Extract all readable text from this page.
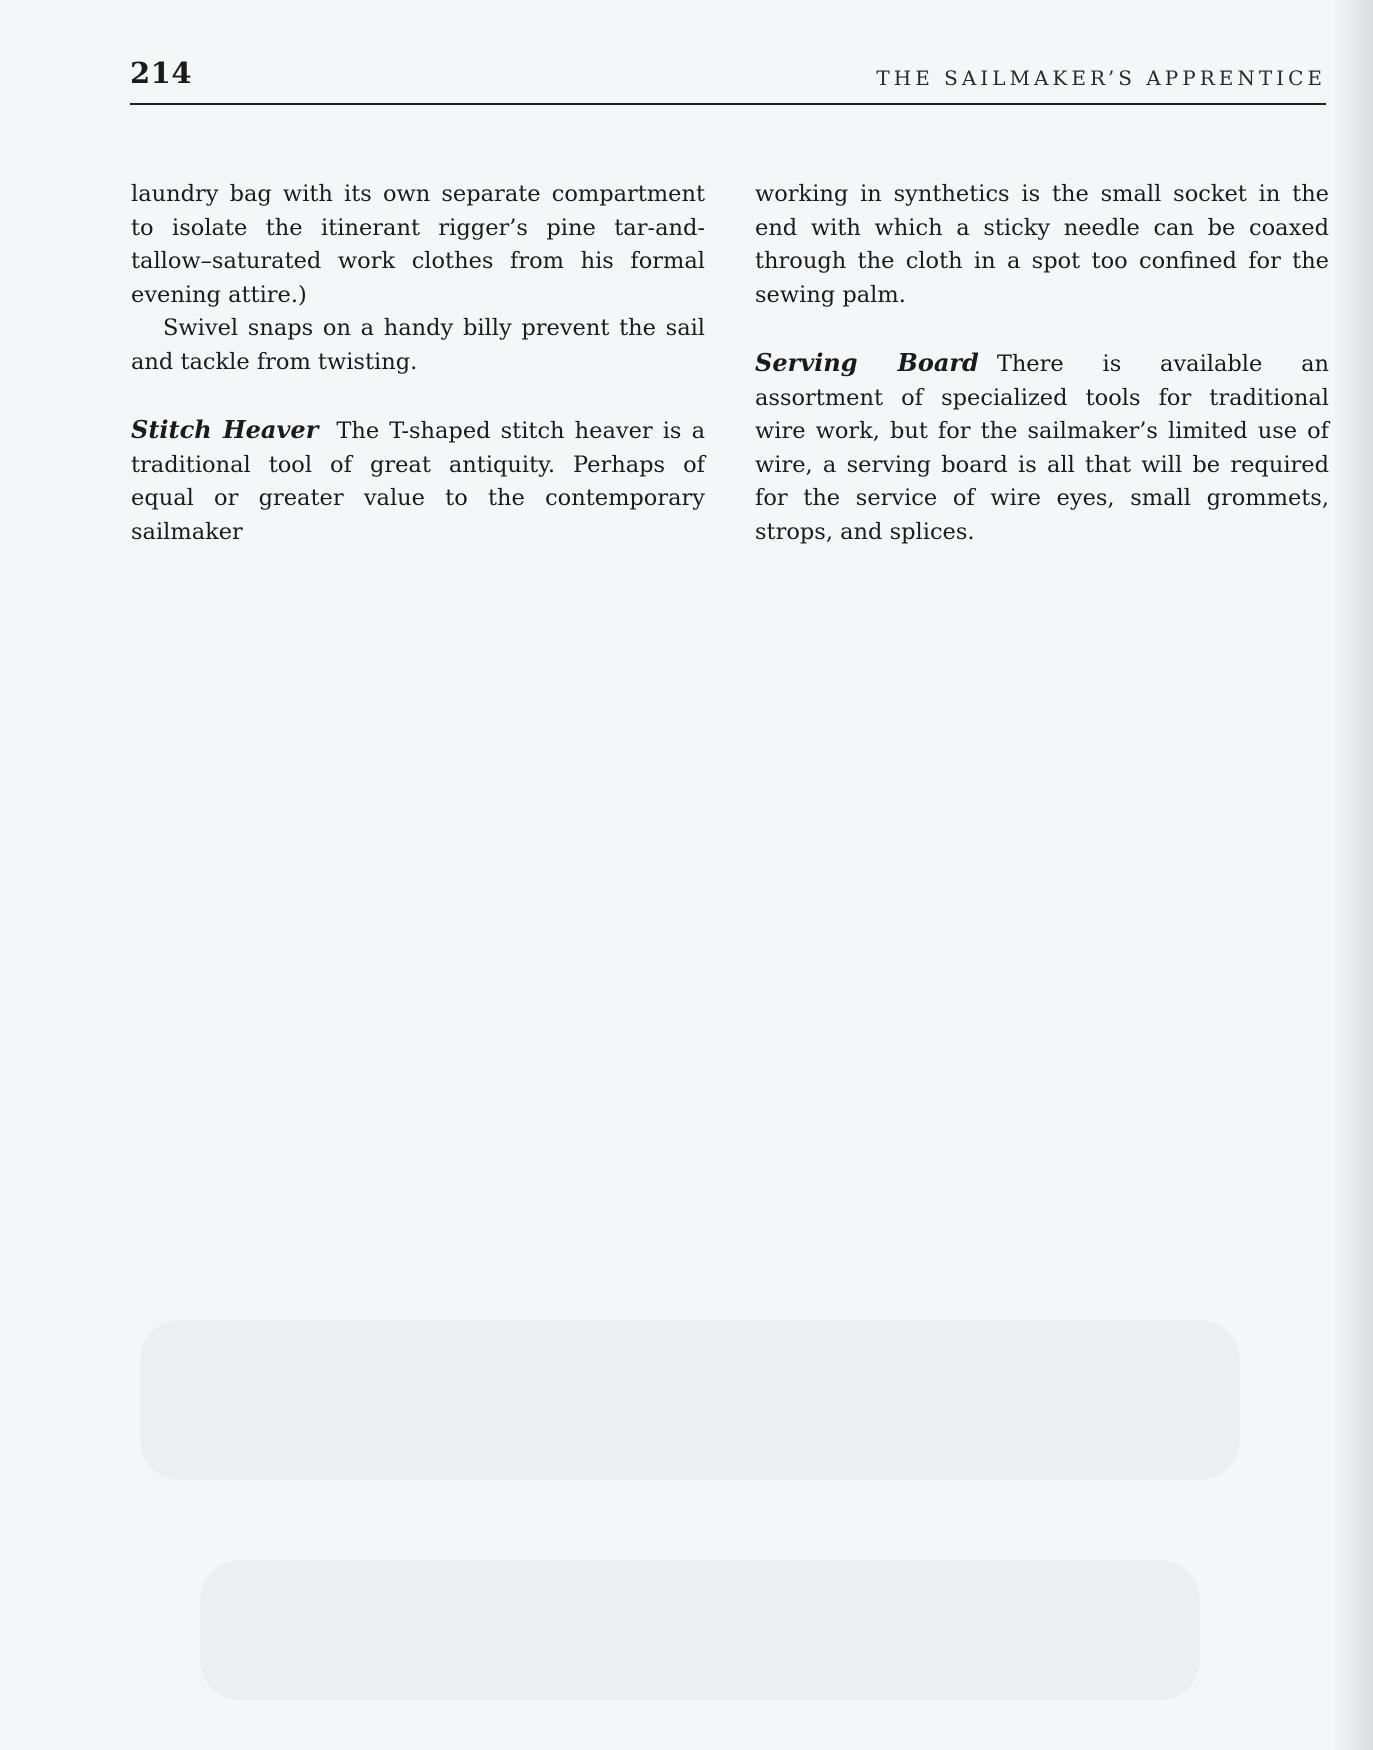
214	THE SAILMAKER’S APPRENTICE

laundry bag with its own separate compartment to isolate the itinerant rigger’s pine tar-and-tallow–saturated work clothes from his formal evening attire.)

Swivel snaps on a handy billy prevent the sail and tackle from twisting.

Stitch Heaver The T-shaped stitch heaver is a traditional tool of great antiquity. Perhaps of equal or greater value to the contemporary sailmaker

working in synthetics is the small socket in the end with which a sticky needle can be coaxed through the cloth in a spot too confined for the sewing palm.

Serving Board There is available an assortment of specialized tools for traditional wire work, but for the sailmaker’s limited use of wire, a serving board is all that will be required for the service of wire eyes, small grommets, strops, and splices.
